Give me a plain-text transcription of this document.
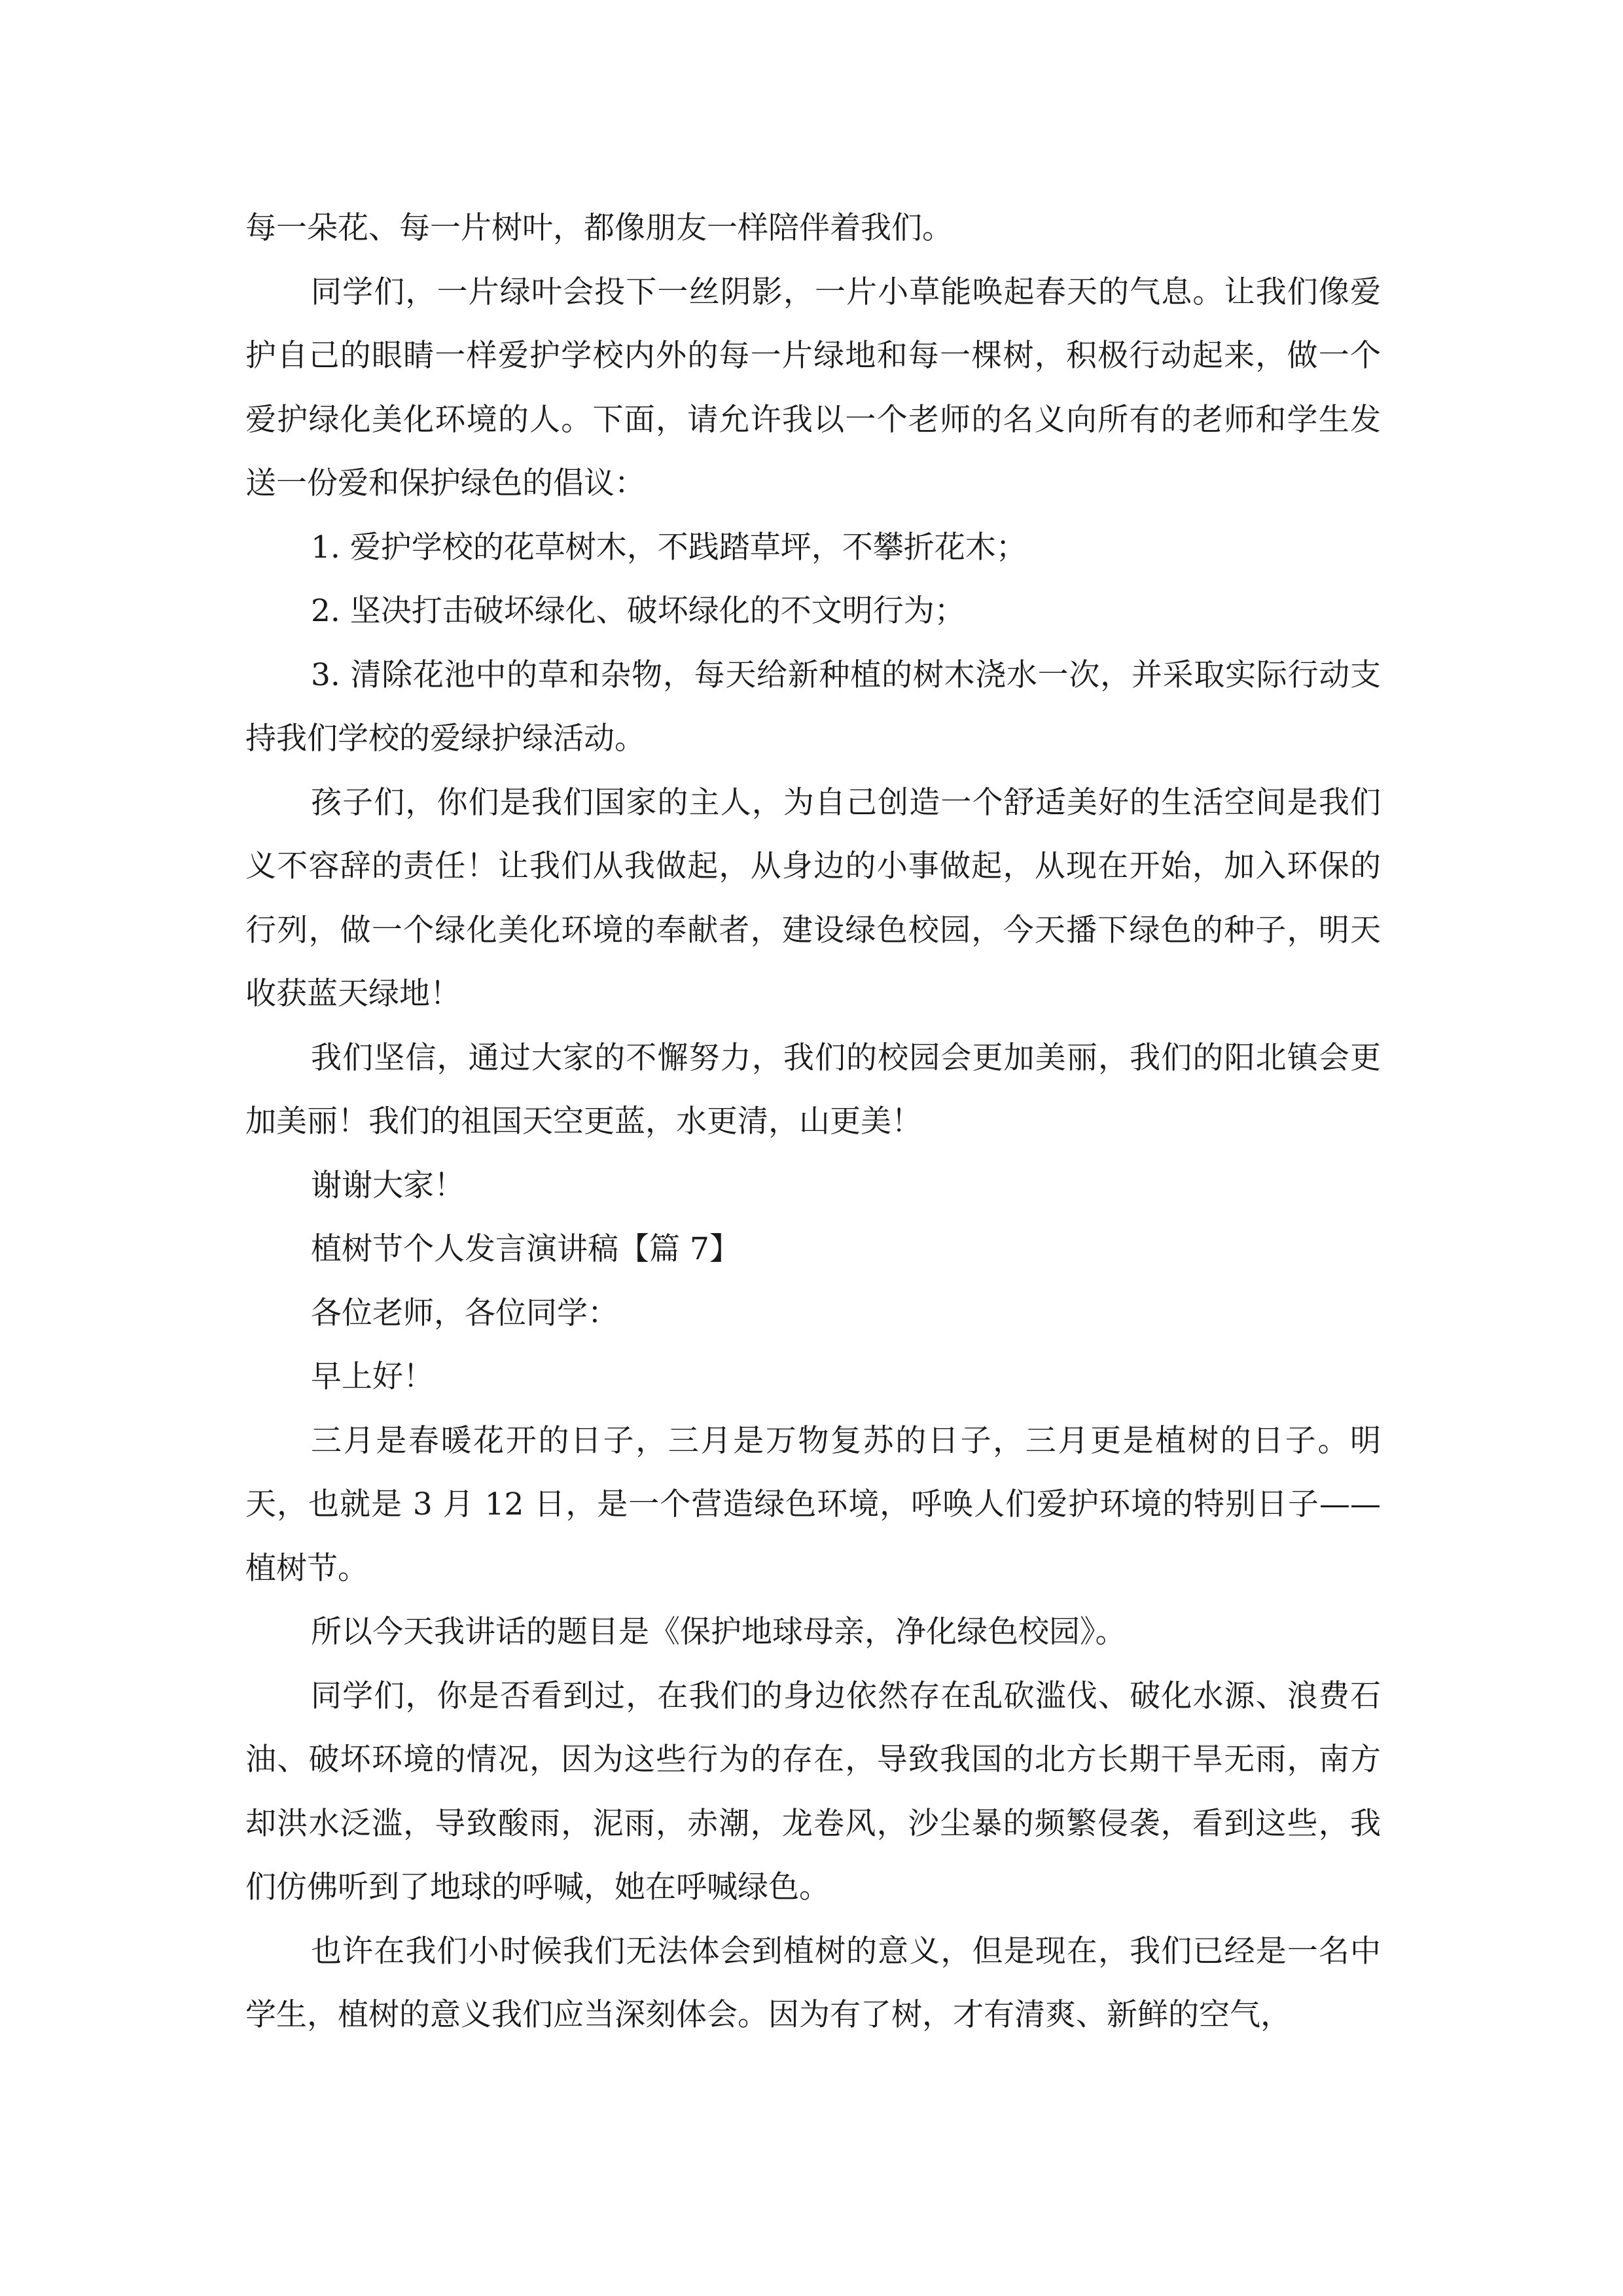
每一朵花、每一片树叶，都像朋友一样陪伴着我们。

同学们，一片绿叶会投下一丝阴影，一片小草能唤起春天的气息。让我们像爱护自己的眼睛一样爱护学校内外的每一片绿地和每一棵树，积极行动起来，做一个爱护绿化美化环境的人。下面，请允许我以一个老师的名义向所有的老师和学生发送一份爱和保护绿色的倡议：

1. 爱护学校的花草树木，不践踏草坪，不攀折花木；

2. 坚决打击破坏绿化、破坏绿化的不文明行为；

3. 清除花池中的草和杂物，每天给新种植的树木浇水一次，并采取实际行动支持我们学校的爱绿护绿活动。

孩子们，你们是我们国家的主人，为自己创造一个舒适美好的生活空间是我们义不容辞的责任！让我们从我做起，从身边的小事做起，从现在开始，加入环保的行列，做一个绿化美化环境的奉献者，建设绿色校园，今天播下绿色的种子，明天收获蓝天绿地！

我们坚信，通过大家的不懈努力，我们的校园会更加美丽，我们的阳北镇会更加美丽！我们的祖国天空更蓝，水更清，山更美！

谢谢大家！

植树节个人发言演讲稿【篇 7】

各位老师，各位同学：

早上好！

三月是春暖花开的日子，三月是万物复苏的日子，三月更是植树的日子。明天，也就是 3 月 12 日，是一个营造绿色环境，呼唤人们爱护环境的特别日子——植树节。

所以今天我讲话的题目是《保护地球母亲，净化绿色校园》。

同学们，你是否看到过，在我们的身边依然存在乱砍滥伐、破化水源、浪费石油、破坏环境的情况，因为这些行为的存在，导致我国的北方长期干旱无雨，南方却洪水泛滥，导致酸雨，泥雨，赤潮，龙卷风，沙尘暴的频繁侵袭，看到这些，我们仿佛听到了地球的呼喊，她在呼喊绿色。

也许在我们小时候我们无法体会到植树的意义，但是现在，我们已经是一名中学生，植树的意义我们应当深刻体会。因为有了树，才有清爽、新鲜的空气，
